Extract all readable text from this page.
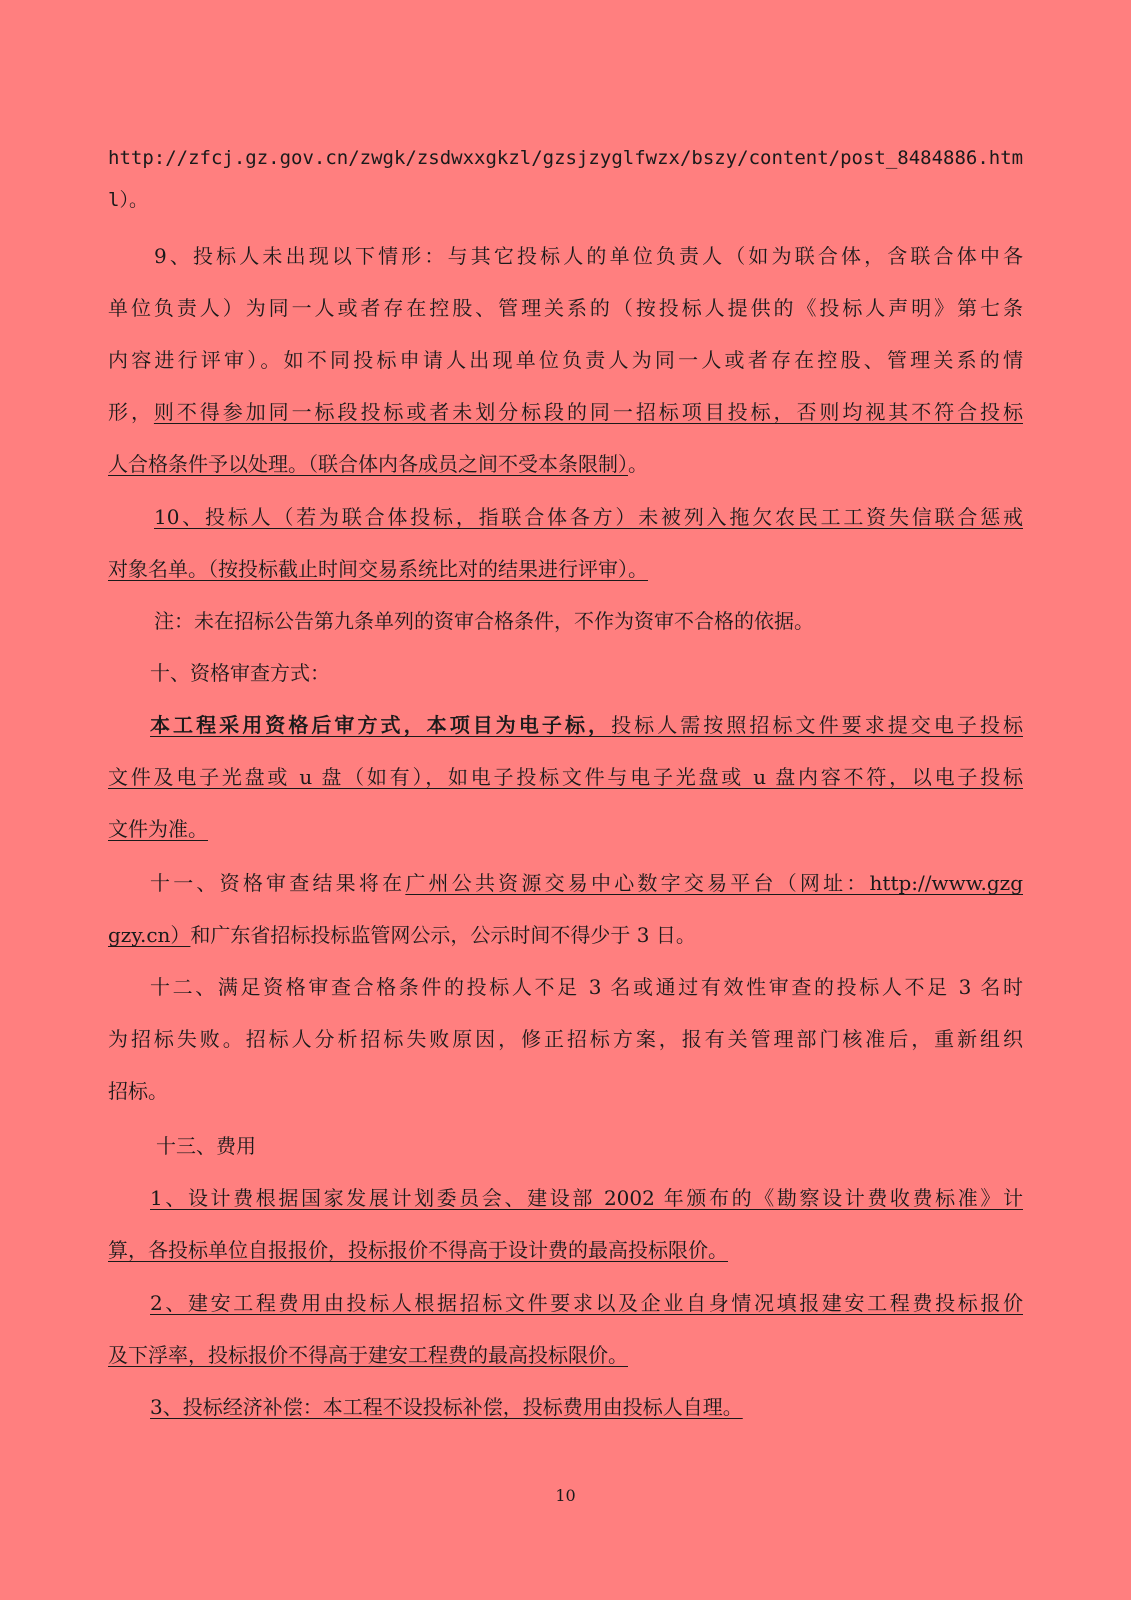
http://zfcj.gz.gov.cn/zwgk/zsdwxxgkzl/gzsjzyglfwzx/bszy/content/post_8484886.htm
l）。
9、投标人未出现以下情形：与其它投标人的单位负责人（如为联合体，含联合体中各
单位负责人）为同一人或者存在控股、管理关系的（按投标人提供的《投标人声明》第七条
内容进行评审）。如不同投标申请人出现单位负责人为同一人或者存在控股、管理关系的情
形，则不得参加同一标段投标或者未划分标段的同一招标项目投标，否则均视其不符合投标
人合格条件予以处理。（联合体内各成员之间不受本条限制）。
10、投标人（若为联合体投标，指联合体各方）未被列入拖欠农民工工资失信联合惩戒
对象名单。（按投标截止时间交易系统比对的结果进行评审）。
注：未在招标公告第九条单列的资审合格条件，不作为资审不合格的依据。
十、资格审查方式：
本工程采用资格后审方式，本项目为电子标，投标人需按照招标文件要求提交电子投标
文件及电子光盘或 u 盘（如有），如电子投标文件与电子光盘或 u 盘内容不符，以电子投标
文件为准。
十一、资格审查结果将在广州公共资源交易中心数字交易平台（网址：http://www.gzg
gzy.cn）和广东省招标投标监管网公示，公示时间不得少于 3 日。
十二、满足资格审查合格条件的投标人不足 3 名或通过有效性审查的投标人不足 3 名时
为招标失败。招标人分析招标失败原因，修正招标方案，报有关管理部门核准后，重新组织
招标。
十三、费用
1、设计费根据国家发展计划委员会、建设部 2002 年颁布的《勘察设计费收费标准》计
算，各投标单位自报报价，投标报价不得高于设计费的最高投标限价。
2、建安工程费用由投标人根据招标文件要求以及企业自身情况填报建安工程费投标报价
及下浮率，投标报价不得高于建安工程费的最高投标限价。
3、投标经济补偿：本工程不设投标补偿，投标费用由投标人自理。
10
